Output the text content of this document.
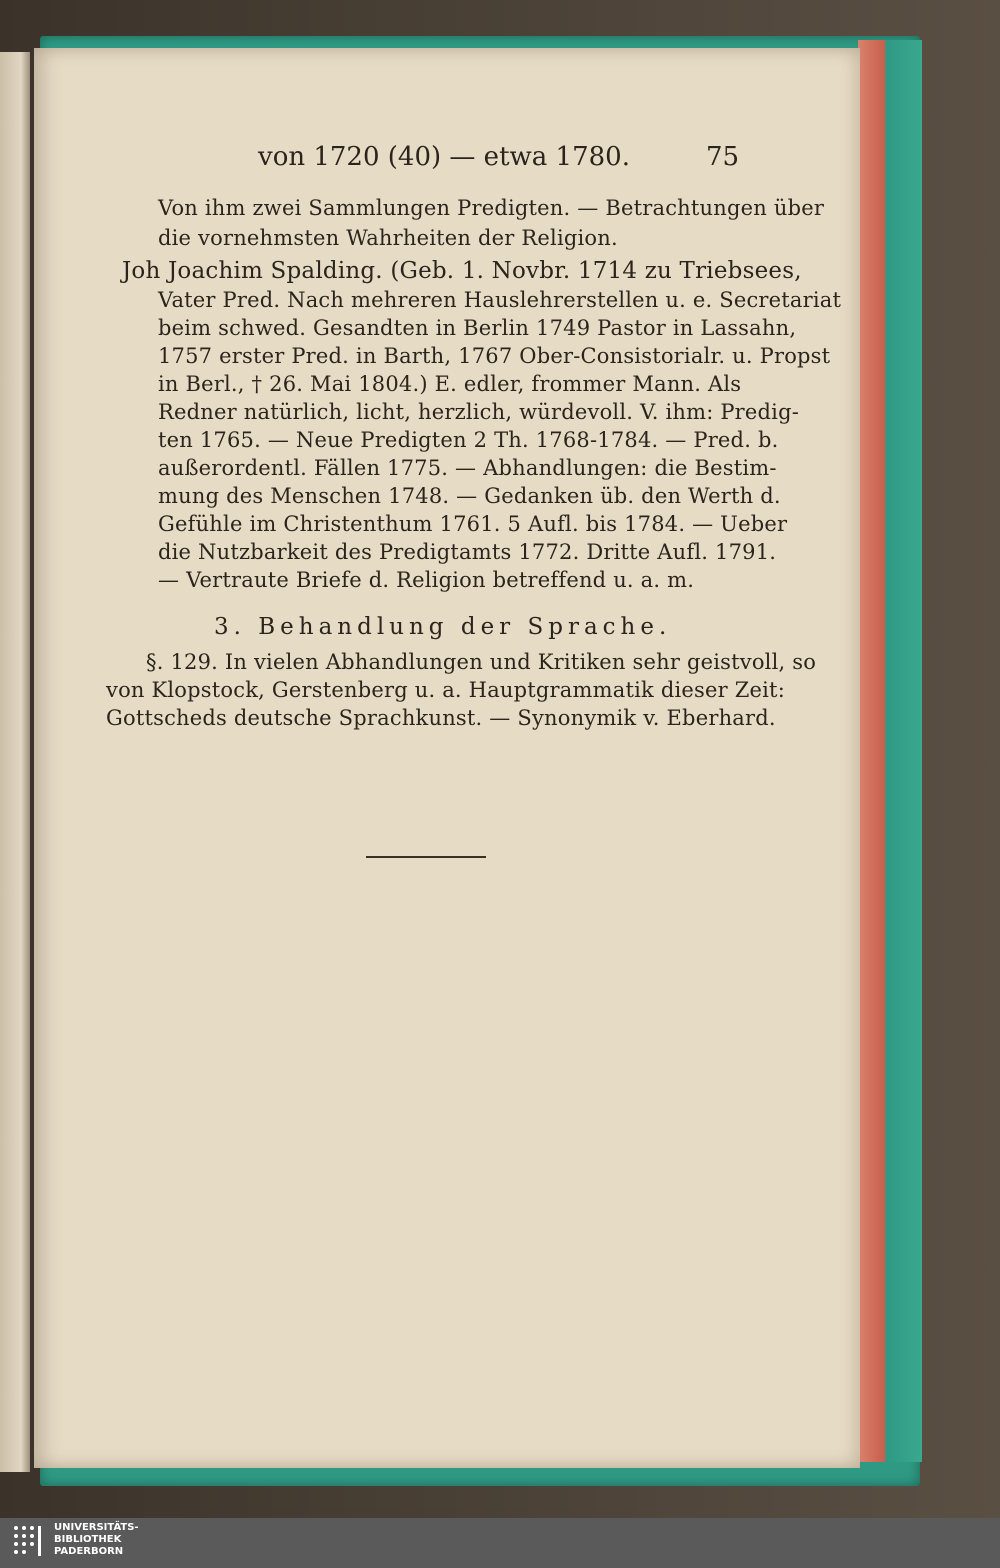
von 1720 (40) — etwa 1780.	75
Von ihm zwei Sammlungen Predigten. — Betrachtungen über
die vornehmsten Wahrheiten der Religion.
Joh Joachim Spalding. (Geb. 1. Novbr. 1714 zu Triebsees,
Vater Pred. Nach mehreren Hauslehrerstellen u. e. Secretariat
beim schwed. Gesandten in Berlin 1749 Pastor in Lassahn,
1757 erster Pred. in Barth, 1767 Ober-Consistorialr. u. Propst
in Berl., † 26. Mai 1804.) E. edler, frommer Mann. Als
Redner natürlich, licht, herzlich, würdevoll. V. ihm: Predig-
ten 1765. — Neue Predigten 2 Th. 1768-1784. — Pred. b.
außerordentl. Fällen 1775. — Abhandlungen: die Bestim-
mung des Menschen 1748. — Gedanken üb. den Werth d.
Gefühle im Christenthum 1761. 5 Aufl. bis 1784. — Ueber
die Nutzbarkeit des Predigtamts 1772. Dritte Aufl. 1791.
— Vertraute Briefe d. Religion betreffend u. a. m.
3. Behandlung der Sprache.
§. 129. In vielen Abhandlungen und Kritiken sehr geistvoll, so
von Klopstock, Gerstenberg u. a. Hauptgrammatik dieser Zeit:
Gottscheds deutsche Sprachkunst. — Synonymik v. Eberhard.
UNIVERSITÄTS-
BIBLIOTHEK
PADERBORN
